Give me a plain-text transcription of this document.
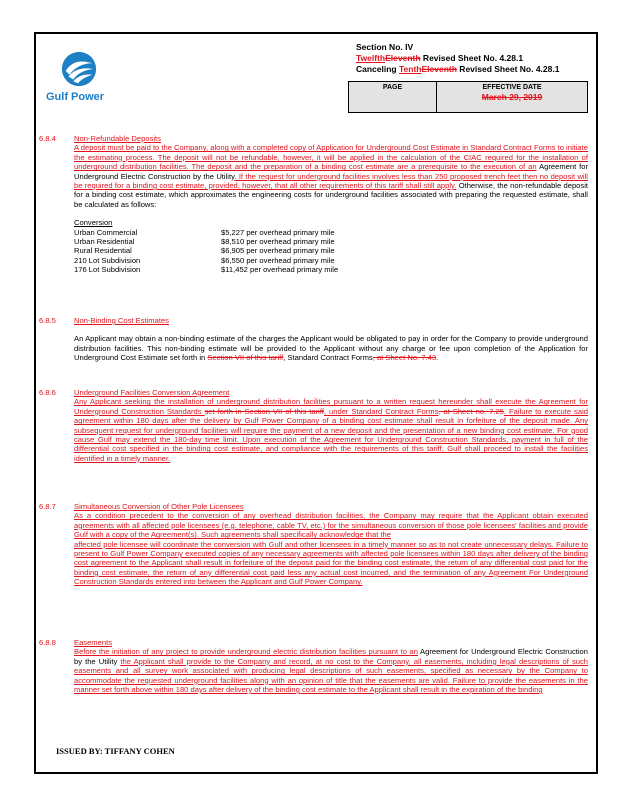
Gulf Power
Section No. IV
TwelfthEleventh Revised Sheet No. 4.28.1
Canceling TenthEleventh Revised Sheet No. 4.28.1
PAGE	EFFECTIVE DATE
March 29, 2019
6.8.4 Non-Refundable Deposits
A deposit must be paid to the Company, along with a completed copy of Application for Underground Cost Estimate in Standard Contract Forms to initiate the estimating process. The deposit will not be refundable, however, it will be applied in the calculation of the CIAC required for the installation of underground distribution facilities. The deposit and the preparation of a binding cost estimate are a prerequisite to the execution of an Agreement for Underground Electric Construction by the Utility. If the request for underground facilities involves less than 250 proposed trench feet then no deposit will be required for a binding cost estimate, provided, however, that all other requirements of this tariff shall still apply. Otherwise, the non-refundable deposit for a binding cost estimate, which approximates the engineering costs for underground facilities associated with preparing the requested estimate, shall be calculated as follows:
Conversion
Urban Commercial	$5,227 per overhead primary mile
Urban Residential	$8,510 per overhead primary mile
Rural Residential	$6,905 per overhead primary mile
210 Lot Subdivision	$6,550 per overhead primary mile
176 Lot Subdivision	$11,452 per overhead primary mile
6.8.5 Non-Binding Cost Estimates
An Applicant may obtain a non-binding estimate of the charges the Applicant would be obligated to pay in order for the Company to provide underground distribution facilities. This non-binding estimate will be provided to the Applicant without any charge or fee upon completion of the Application for Underground Cost Estimate set forth in Section VII of this tariff, Standard Contract Forms, at Sheet No. 7.43.
6.8.6 Underground Facilities Conversion Agreement
Any Applicant seeking the installation of underground distribution facilities pursuant to a written request hereunder shall execute the Agreement for Underground Construction Standards set forth in Section VII of this tariff, under Standard Contract Forms, at Sheet no. 7.25. Failure to execute said agreement within 180 days after the delivery by Gulf Power Company of a binding cost estimate shall result in forfeiture of the deposit made. Any subsequent request for underground facilities will require the payment of a new deposit and the presentation of a new binding cost estimate. For good cause Gulf may extend the 180-day time limit. Upon execution of the Agreement for Underground Construction Standards, payment in full of the differential cost specified in the binding cost estimate, and compliance with the requirements of this tariff, Gulf shall proceed to install the facilities identified in a timely manner.
6.8.7 Simultaneous Conversion of Other Pole Licensees
As a condition precedent to the conversion of any overhead distribution facilities, the Company may require that the Applicant obtain executed agreements with all affected pole licensees (e.g. telephone, cable TV, etc.) for the simultaneous conversion of those pole licensees' facilities and provide Gulf with a copy of the Agreement(s). Such agreements shall specifically acknowledge that the
affected pole licensee will coordinate the conversion with Gulf and other licensees in a timely manner so as to not create unnecessary delays. Failure to present to Gulf Power Company executed copies of any necessary agreements with affected pole licensees within 180 days after delivery of the binding cost agreement to the Applicant shall result in forfeiture of the deposit paid for the binding cost estimate, the return of any differential cost paid for the binding cost estimate, the return of any differential cost paid less any actual cost incurred, and the termination of any Agreement For Underground Construction Standards entered into between the Applicant and Gulf Power Company.
6.8.8 Easements
Before the initiation of any project to provide underground electric distribution facilities pursuant to an Agreement for Underground Electric Construction by the Utility the Applicant shall provide to the Company and record, at no cost to the Company, all easements, including legal descriptions of such easements and all survey work associated with producing legal descriptions of such easements, specified as necessary by the Company to accommodate the requested underground facilities along with an opinion of title that the easements are valid. Failure to provide the easements in the manner set forth above within 180 days after delivery of the binding cost estimate to the Applicant shall result in the expiration of the binding
ISSUED BY: TIFFANY COHEN
